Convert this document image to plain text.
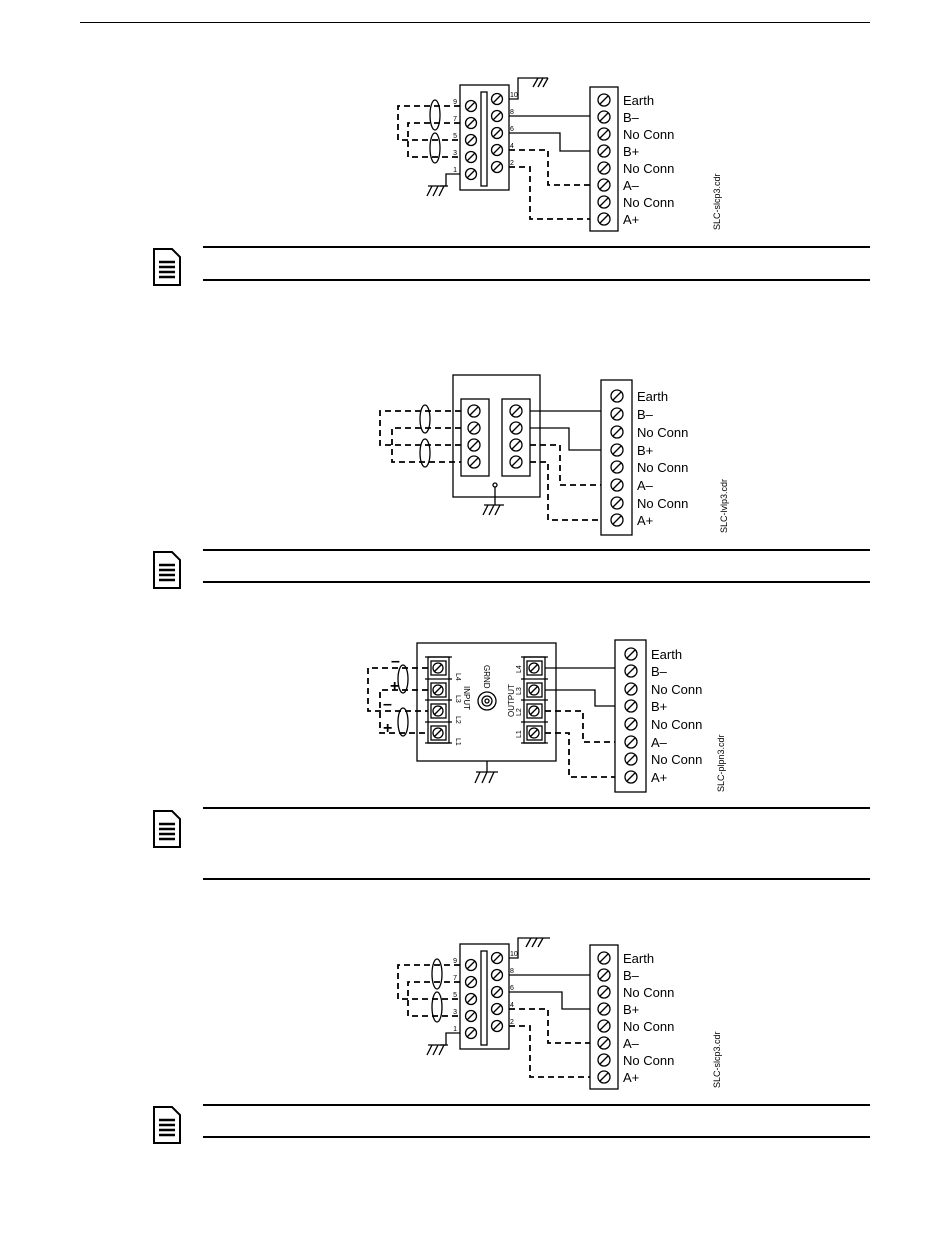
9
7
5
3
1
10
8
6
4
2
Earth
B–
No Conn
B+
No Conn
A–
No Conn
A+	SLC-slcp3.cdr
Earth
B–
No Conn
B+
No Conn
A–
No Conn
A+	SLC-lvlp3.cdr
–
+
–
+
L4
L3
L2
L1
L4
L3
L2
L1
INPUT	OUTPUT
GRND
Earth
B–
No Conn
B+
No Conn
A–
No Conn
A+	SLC-plpn3.cdr
9
7
5
3
1
10
8
6
4
2
Earth
B–
No Conn
B+
No Conn
A–
No Conn
A+	SLC-slcp3.cdr
